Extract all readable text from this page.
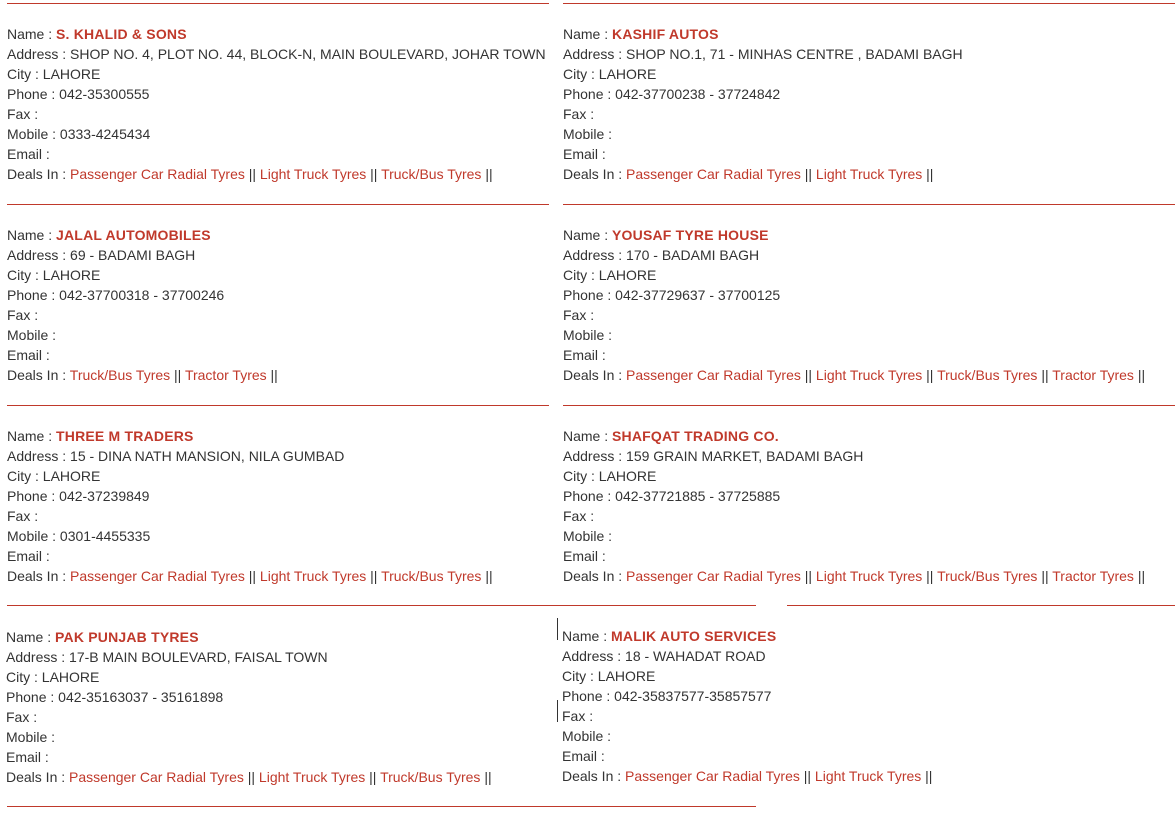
Name : S. KHALID & SONS
Address : SHOP NO. 4, PLOT NO. 44, BLOCK-N, MAIN BOULEVARD, JOHAR TOWN
City : LAHORE
Phone : 042-35300555
Fax :
Mobile : 0333-4245434
Email :
Deals In : Passenger Car Radial Tyres || Light Truck Tyres || Truck/Bus Tyres ||
Name : KASHIF AUTOS
Address : SHOP NO.1, 71 - MINHAS CENTRE , BADAMI BAGH
City : LAHORE
Phone : 042-37700238 - 37724842
Fax :
Mobile :
Email :
Deals In : Passenger Car Radial Tyres || Light Truck Tyres ||
Name : JALAL AUTOMOBILES
Address : 69 - BADAMI BAGH
City : LAHORE
Phone : 042-37700318 - 37700246
Fax :
Mobile :
Email :
Deals In : Truck/Bus Tyres || Tractor Tyres ||
Name : YOUSAF TYRE HOUSE
Address : 170 - BADAMI BAGH
City : LAHORE
Phone : 042-37729637 - 37700125
Fax :
Mobile :
Email :
Deals In : Passenger Car Radial Tyres || Light Truck Tyres || Truck/Bus Tyres || Tractor Tyres ||
Name : THREE M TRADERS
Address : 15 - DINA NATH MANSION, NILA GUMBAD
City : LAHORE
Phone : 042-37239849
Fax :
Mobile : 0301-4455335
Email :
Deals In : Passenger Car Radial Tyres || Light Truck Tyres || Truck/Bus Tyres ||
Name : SHAFQAT TRADING CO.
Address : 159 GRAIN MARKET, BADAMI BAGH
City : LAHORE
Phone : 042-37721885 - 37725885
Fax :
Mobile :
Email :
Deals In : Passenger Car Radial Tyres || Light Truck Tyres || Truck/Bus Tyres || Tractor Tyres ||
Name : PAK PUNJAB TYRES
Address : 17-B MAIN BOULEVARD, FAISAL TOWN
City : LAHORE
Phone : 042-35163037 - 35161898
Fax :
Mobile :
Email :
Deals In : Passenger Car Radial Tyres || Light Truck Tyres || Truck/Bus Tyres ||
Name : MALIK AUTO SERVICES
Address : 18 - WAHADAT ROAD
City : LAHORE
Phone : 042-35837577-35857577
Fax :
Mobile :
Email :
Deals In : Passenger Car Radial Tyres || Light Truck Tyres ||
